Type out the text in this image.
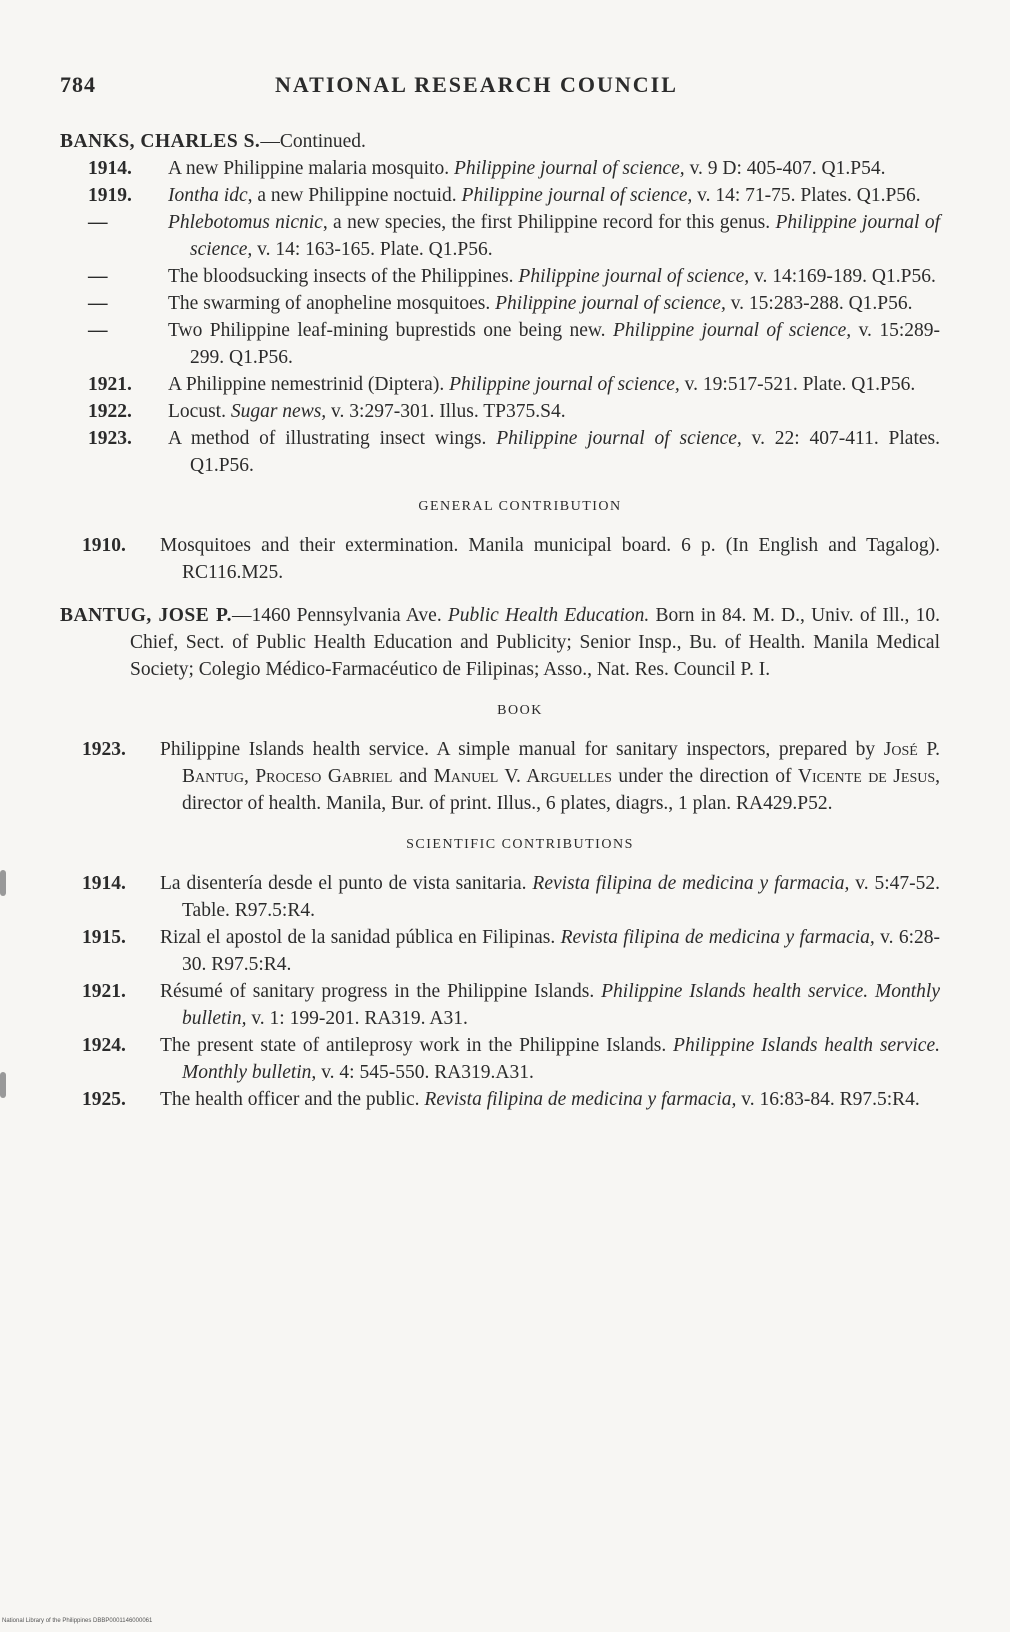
784	NATIONAL RESEARCH COUNCIL
BANKS, CHARLES S.—Continued.
1914.	A new Philippine malaria mosquito. Philippine journal of science, v. 9 D: 405-407. Q1.P54.
1919.	Iontha idc, a new Philippine noctuid. Philippine journal of science, v. 14: 71-75. Plates. Q1.P56.
—	Phlebotomus nicnic, a new species, the first Philippine record for this genus. Philippine journal of science, v. 14: 163-165. Plate. Q1.P56.
—	The bloodsucking insects of the Philippines. Philippine journal of science, v. 14:169-189. Q1.P56.
—	The swarming of anopheline mosquitoes. Philippine journal of science, v. 15:283-288. Q1.P56.
—	Two Philippine leaf-mining buprestids one being new. Philippine journal of science, v. 15:289-299. Q1.P56.
1921.	A Philippine nemestrinid (Diptera). Philippine journal of science, v. 19:517-521. Plate. Q1.P56.
1922.	Locust. Sugar news, v. 3:297-301. Illus. TP375.S4.
1923.	A method of illustrating insect wings. Philippine journal of science, v. 22: 407-411. Plates. Q1.P56.
GENERAL CONTRIBUTION
1910.	Mosquitoes and their extermination. Manila municipal board. 6 p. (In English and Tagalog). RC116.M25.
BANTUG, JOSE P.—1460 Pennsylvania Ave. Public Health Education. Born in 84. M. D., Univ. of Ill., 10. Chief, Sect. of Public Health Education and Publicity; Senior Insp., Bu. of Health. Manila Medical Society; Colegio Médico-Farmacéutico de Filipinas; Asso., Nat. Res. Council P. I.
BOOK
1923.	Philippine Islands health service. A simple manual for sanitary inspectors, prepared by José P. Bantug, Proceso Gabriel and Manuel V. Arguelles under the direction of Vicente de Jesus, director of health. Manila, Bur. of print. Illus., 6 plates, diagrs., 1 plan. RA429.P52.
SCIENTIFIC CONTRIBUTIONS
1914.	La disentería desde el punto de vista sanitaria. Revista filipina de medicina y farmacia, v. 5:47-52. Table. R97.5:R4.
1915.	Rizal el apostol de la sanidad pública en Filipinas. Revista filipina de medicina y farmacia, v. 6:28-30. R97.5:R4.
1921.	Résumé of sanitary progress in the Philippine Islands. Philippine Islands health service. Monthly bulletin, v. 1: 199-201. RA319. A31.
1924.	The present state of antileprosy work in the Philippine Islands. Philippine Islands health service. Monthly bulletin, v. 4: 545-550. RA319.A31.
1925.	The health officer and the public. Revista filipina de medicina y farmacia, v. 16:83-84. R97.5:R4.
National Library of the Philippines DBBP0001146000061
